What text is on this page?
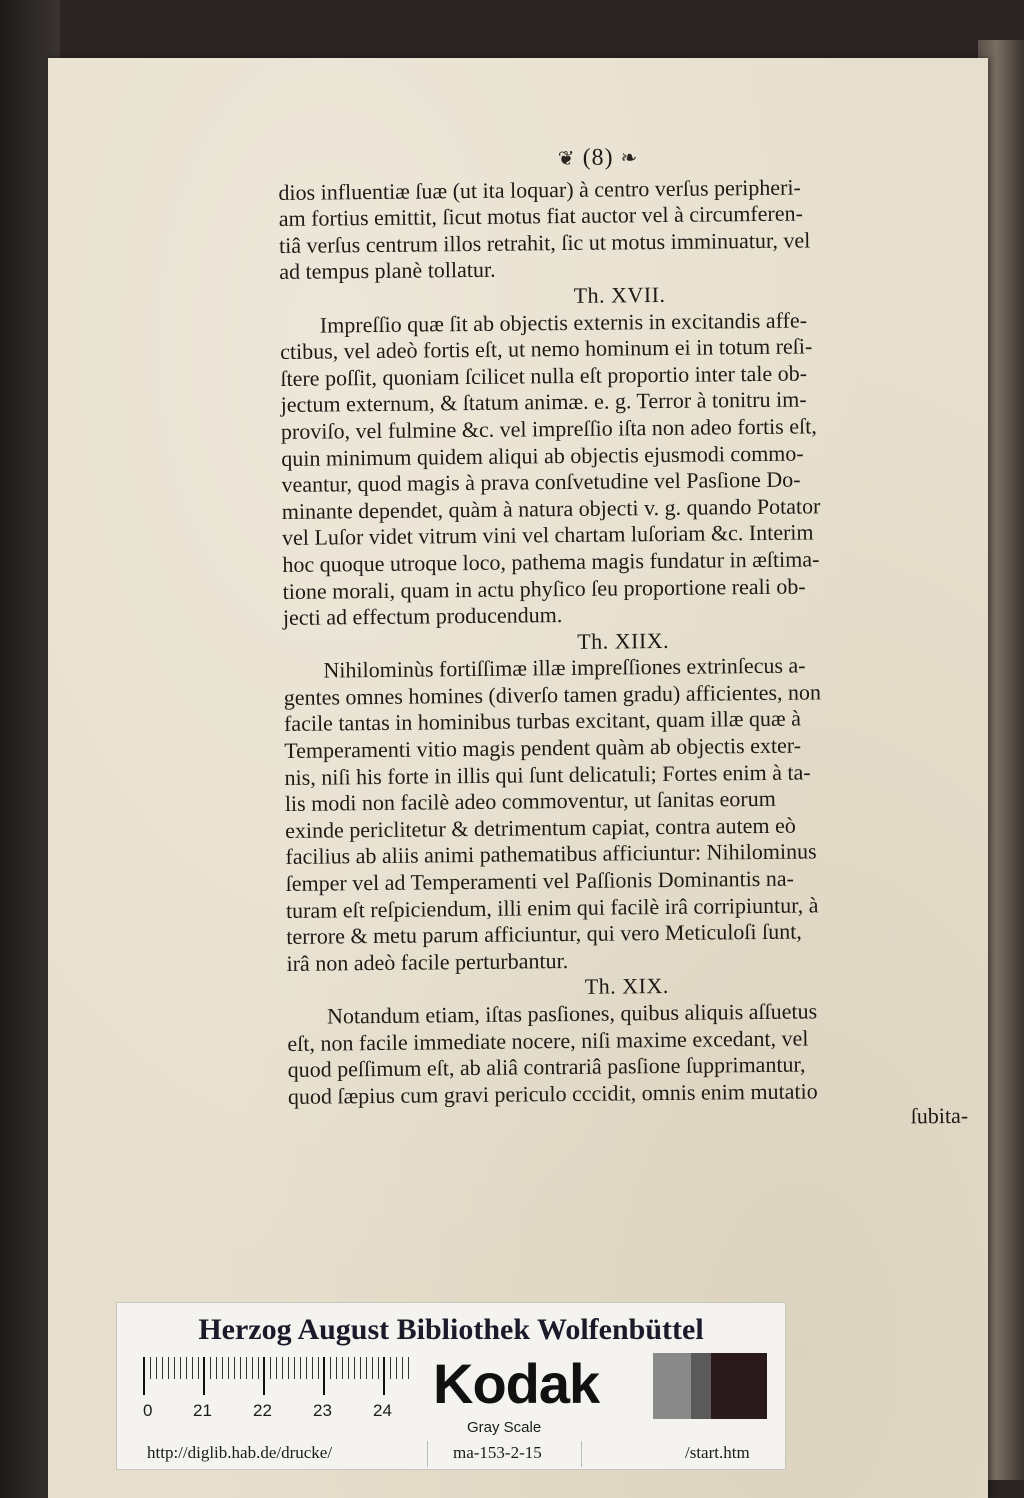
❦ (8) ❧

dios influentiæ ſuæ (ut ita loquar) à centro verſus peripheri-

am fortius emittit, ſicut motus fiat auctor vel à circumferen-

tiâ verſus centrum illos retrahit, ſic ut motus imminuatur, vel

ad tempus planè tollatur.

Th. XVII.

Impreſſio quæ ſit ab objectis externis in excitandis affe-

ctibus, vel adeò fortis eſt, ut nemo hominum ei in totum reſi-

ſtere poſſit, quoniam ſcilicet nulla eſt proportio inter tale ob-

jectum externum, & ſtatum animæ. e. g. Terror à tonitru im-

proviſo, vel fulmine &c. vel impreſſio iſta non adeo fortis eſt,

quin minimum quidem aliqui ab objectis ejusmodi commo-

veantur, quod magis à prava conſvetudine vel Pasſione Do-

minante dependet, quàm à natura objecti v. g. quando Potator

vel Luſor videt vitrum vini vel chartam luſoriam &c. Interim

hoc quoque utroque loco, pathema magis fundatur in æſtima-

tione morali, quam in actu phyſico ſeu proportione reali ob-

jecti ad effectum producendum.

Th. XIIX.

Nihilominùs fortiſſimæ illæ impreſſiones extrinſecus a-

gentes omnes homines (diverſo tamen gradu) afficientes, non

facile tantas in hominibus turbas excitant, quam illæ quæ à

Temperamenti vitio magis pendent quàm ab objectis exter-

nis, niſi his forte in illis qui ſunt delicatuli; Fortes enim à ta-

lis modi non facilè adeo commoventur, ut ſanitas eorum

exinde periclitetur & detrimentum capiat, contra autem eò

facilius ab aliis animi pathematibus afficiuntur: Nihilominus

ſemper vel ad Temperamenti vel Paſſionis Dominantis na-

turam eſt reſpiciendum, illi enim qui facilè irâ corripiuntur, à

terrore & metu parum afficiuntur, qui vero Meticuloſi ſunt,

irâ non adeò facile perturbantur.

Th. XIX.

Notandum etiam, iſtas pasſiones, quibus aliquis aſſuetus

eſt, non facile immediate nocere, niſi maxime excedant, vel

quod peſſimum eſt, ab aliâ contrariâ pasſione ſupprimantur,

quod ſæpius cum gravi periculo cccidit, omnis enim mutatio

ſubita-

Herzog August Bibliothek Wolfenbüttel
0 21 22 23 24 Kodak
Gray Scale
http://diglib.hab.de/drucke/	ma-153-2-15	/start.htm
